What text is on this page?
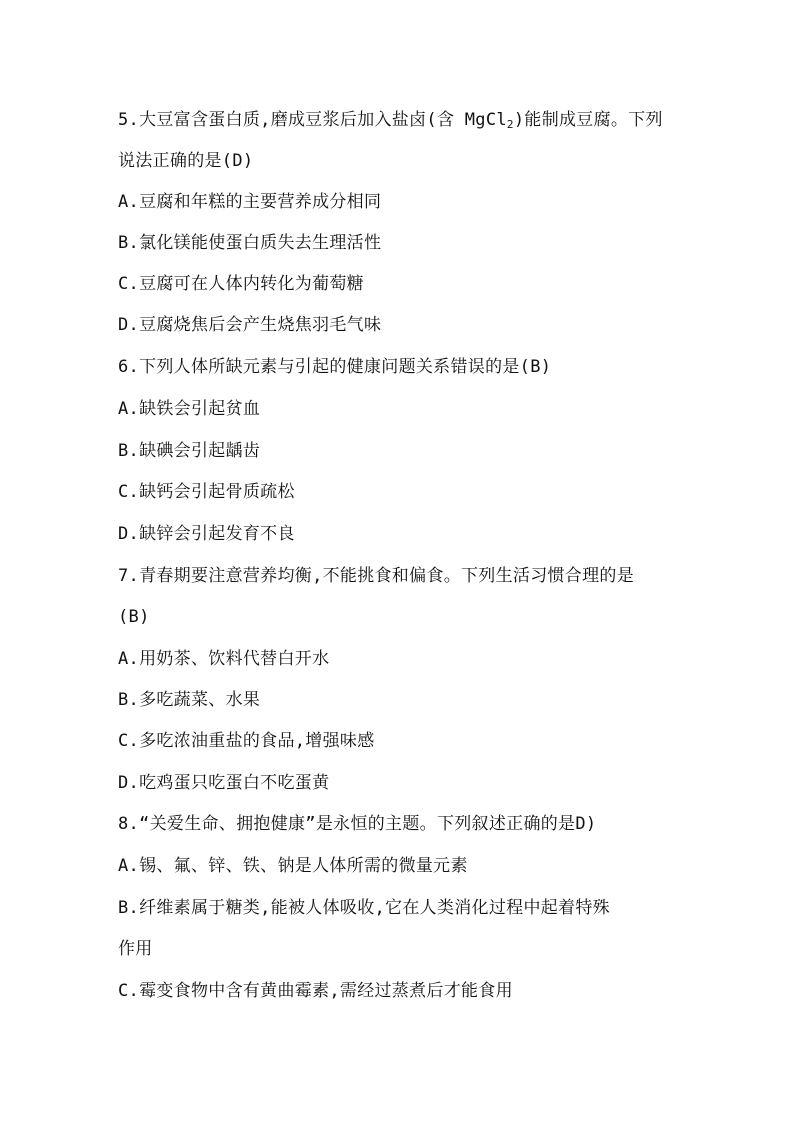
5.大豆富含蛋白质,磨成豆浆后加入盐卤(含 MgCl$_2$)能制成豆腐。下列
说法正确的是(D)
A.豆腐和年糕的主要营养成分相同
B.氯化镁能使蛋白质失去生理活性
C.豆腐可在人体内转化为葡萄糖
D.豆腐烧焦后会产生烧焦羽毛气味
6.下列人体所缺元素与引起的健康问题关系错误的是(B)
A.缺铁会引起贫血
B.缺碘会引起龋齿
C.缺钙会引起骨质疏松
D.缺锌会引起发育不良
7.青春期要注意营养均衡,不能挑食和偏食。下列生活习惯合理的是
(B)
A.用奶茶、饮料代替白开水
B.多吃蔬菜、水果
C.多吃浓油重盐的食品,增强味感
D.吃鸡蛋只吃蛋白不吃蛋黄
8.“关爱生命、拥抱健康”是永恒的主题。下列叙述正确的是D)
A.锡、氟、锌、铁、钠是人体所需的微量元素
B.纤维素属于糖类,能被人体吸收,它在人类消化过程中起着特殊
作用
C.霉变食物中含有黄曲霉素,需经过蒸煮后才能食用
